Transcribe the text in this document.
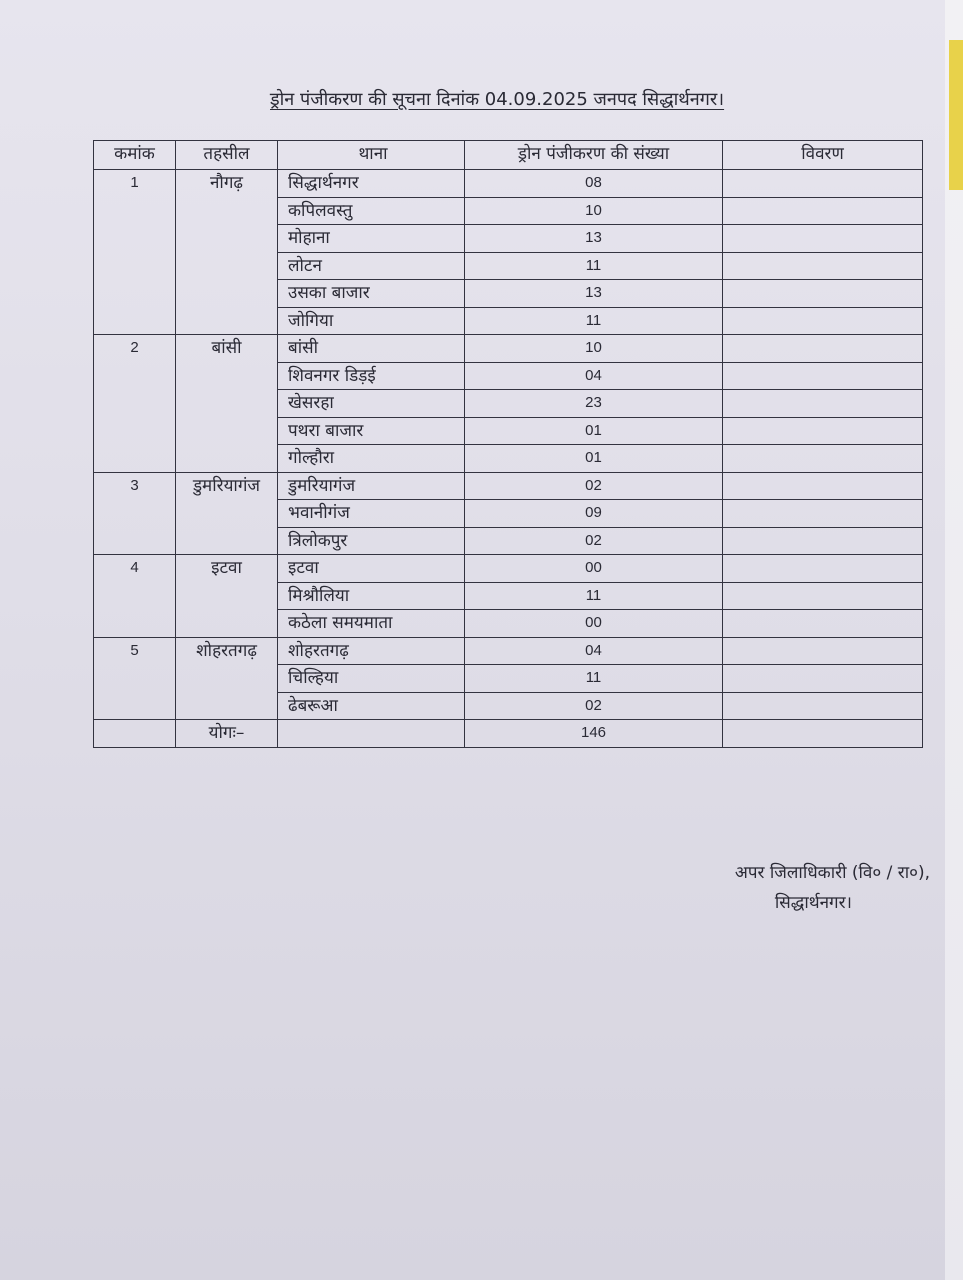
ड्रोन पंजीकरण की सूचना दिनांक 04.09.2025 जनपद सिद्धार्थनगर।
कमांक	तहसील	थाना	ड्रोन पंजीकरण की संख्या	विवरण
1	नौगढ़	सिद्धार्थनगर	08	
		कपिलवस्तु	10	
		मोहाना	13	
		लोटन	11	
		उसका बाजार	13	
		जोगिया	11	
2	बांसी	बांसी	10	
		शिवनगर डिड़ई	04	
		खेसरहा	23	
		पथरा बाजार	01	
		गोल्हौरा	01	
3	डुमरियागंज	डुमरियागंज	02	
		भवानीगंज	09	
		त्रिलोकपुर	02	
4	इटवा	इटवा	00	
		मिश्रौलिया	11	
		कठेला समयमाता	00	
5	शोहरतगढ़	शोहरतगढ़	04	
		चिल्हिया	11	
		ढेबरूआ	02	
	योगः–		146	
अपर जिलाधिकारी (वि० / रा०),
सिद्धार्थनगर।
